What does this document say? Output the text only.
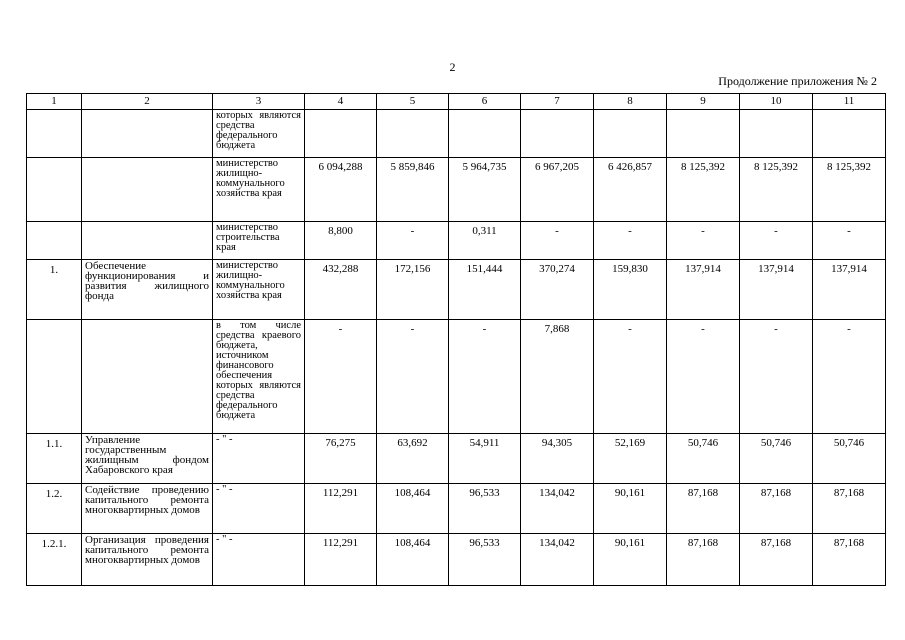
2
Продолжение приложения № 2
1	2	3	4	5	6	7	8	9	10	11
		которых являются средства федерального бюджета								
		министерство жилищно-коммунального хозяйства края	6 094,288	5 859,846	5 964,735	6 967,205	6 426,857	8 125,392	8 125,392	8 125,392
		министерство строительства края	8,800	-	0,311	-	-	-	-	-
1.	Обеспечение функционирования и развития жилищного фонда	министерство жилищно-коммунального хозяйства края	432,288	172,156	151,444	370,274	159,830	137,914	137,914	137,914
		в том числе средства краевого бюджета, источником финансового обеспечения которых являются средства федерального бюджета	-	-	-	7,868	-	-	-	-
1.1.	Управление государственным жилищным фондом Хабаровского края	- " -	76,275	63,692	54,911	94,305	52,169	50,746	50,746	50,746
1.2.	Содействие проведению капитального ремонта многоквартирных домов	- " -	112,291	108,464	96,533	134,042	90,161	87,168	87,168	87,168
1.2.1.	Организация проведения капитального ремонта многоквартирных домов	- " -	112,291	108,464	96,533	134,042	90,161	87,168	87,168	87,168
